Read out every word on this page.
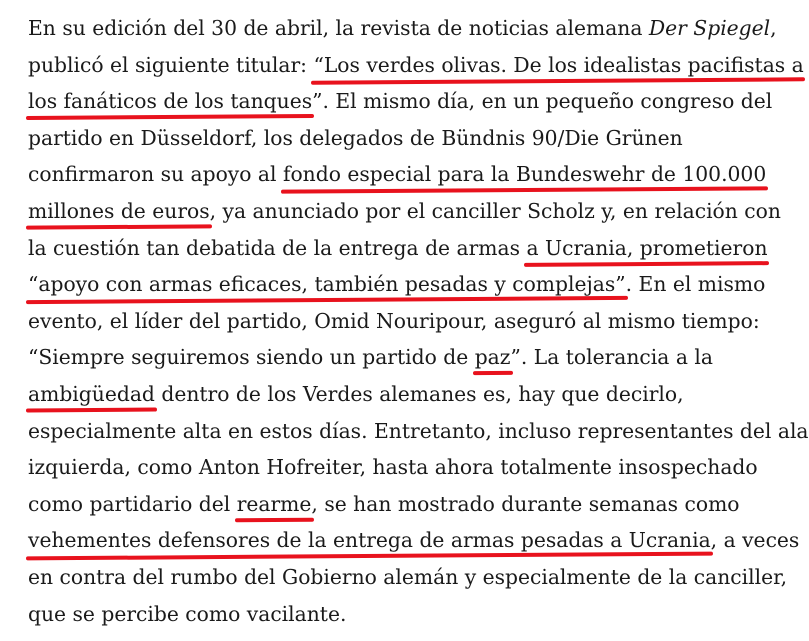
En su edición del 30 de abril, la revista de noticias alemana Der Spiegel,
publicó el siguiente titular: “Los verdes olivas. De los idealistas pacifistas a
los fanáticos de los tanques”. El mismo día, en un pequeño congreso del
partido en Düsseldorf, los delegados de Bündnis 90/Die Grünen
confirmaron su apoyo al fondo especial para la Bundeswehr de 100.000
millones de euros, ya anunciado por el canciller Scholz y, en relación con
la cuestión tan debatida de la entrega de armas a Ucrania, prometieron
“apoyo con armas eficaces, también pesadas y complejas”. En el mismo
evento, el líder del partido, Omid Nouripour, aseguró al mismo tiempo:
“Siempre seguiremos siendo un partido de paz”. La tolerancia a la
ambigüedad dentro de los Verdes alemanes es, hay que decirlo,
especialmente alta en estos días. Entretanto, incluso representantes del ala
izquierda, como Anton Hofreiter, hasta ahora totalmente insospechado
como partidario del rearme, se han mostrado durante semanas como
vehementes defensores de la entrega de armas pesadas a Ucrania, a veces
en contra del rumbo del Gobierno alemán y especialmente de la canciller,
que se percibe como vacilante.
